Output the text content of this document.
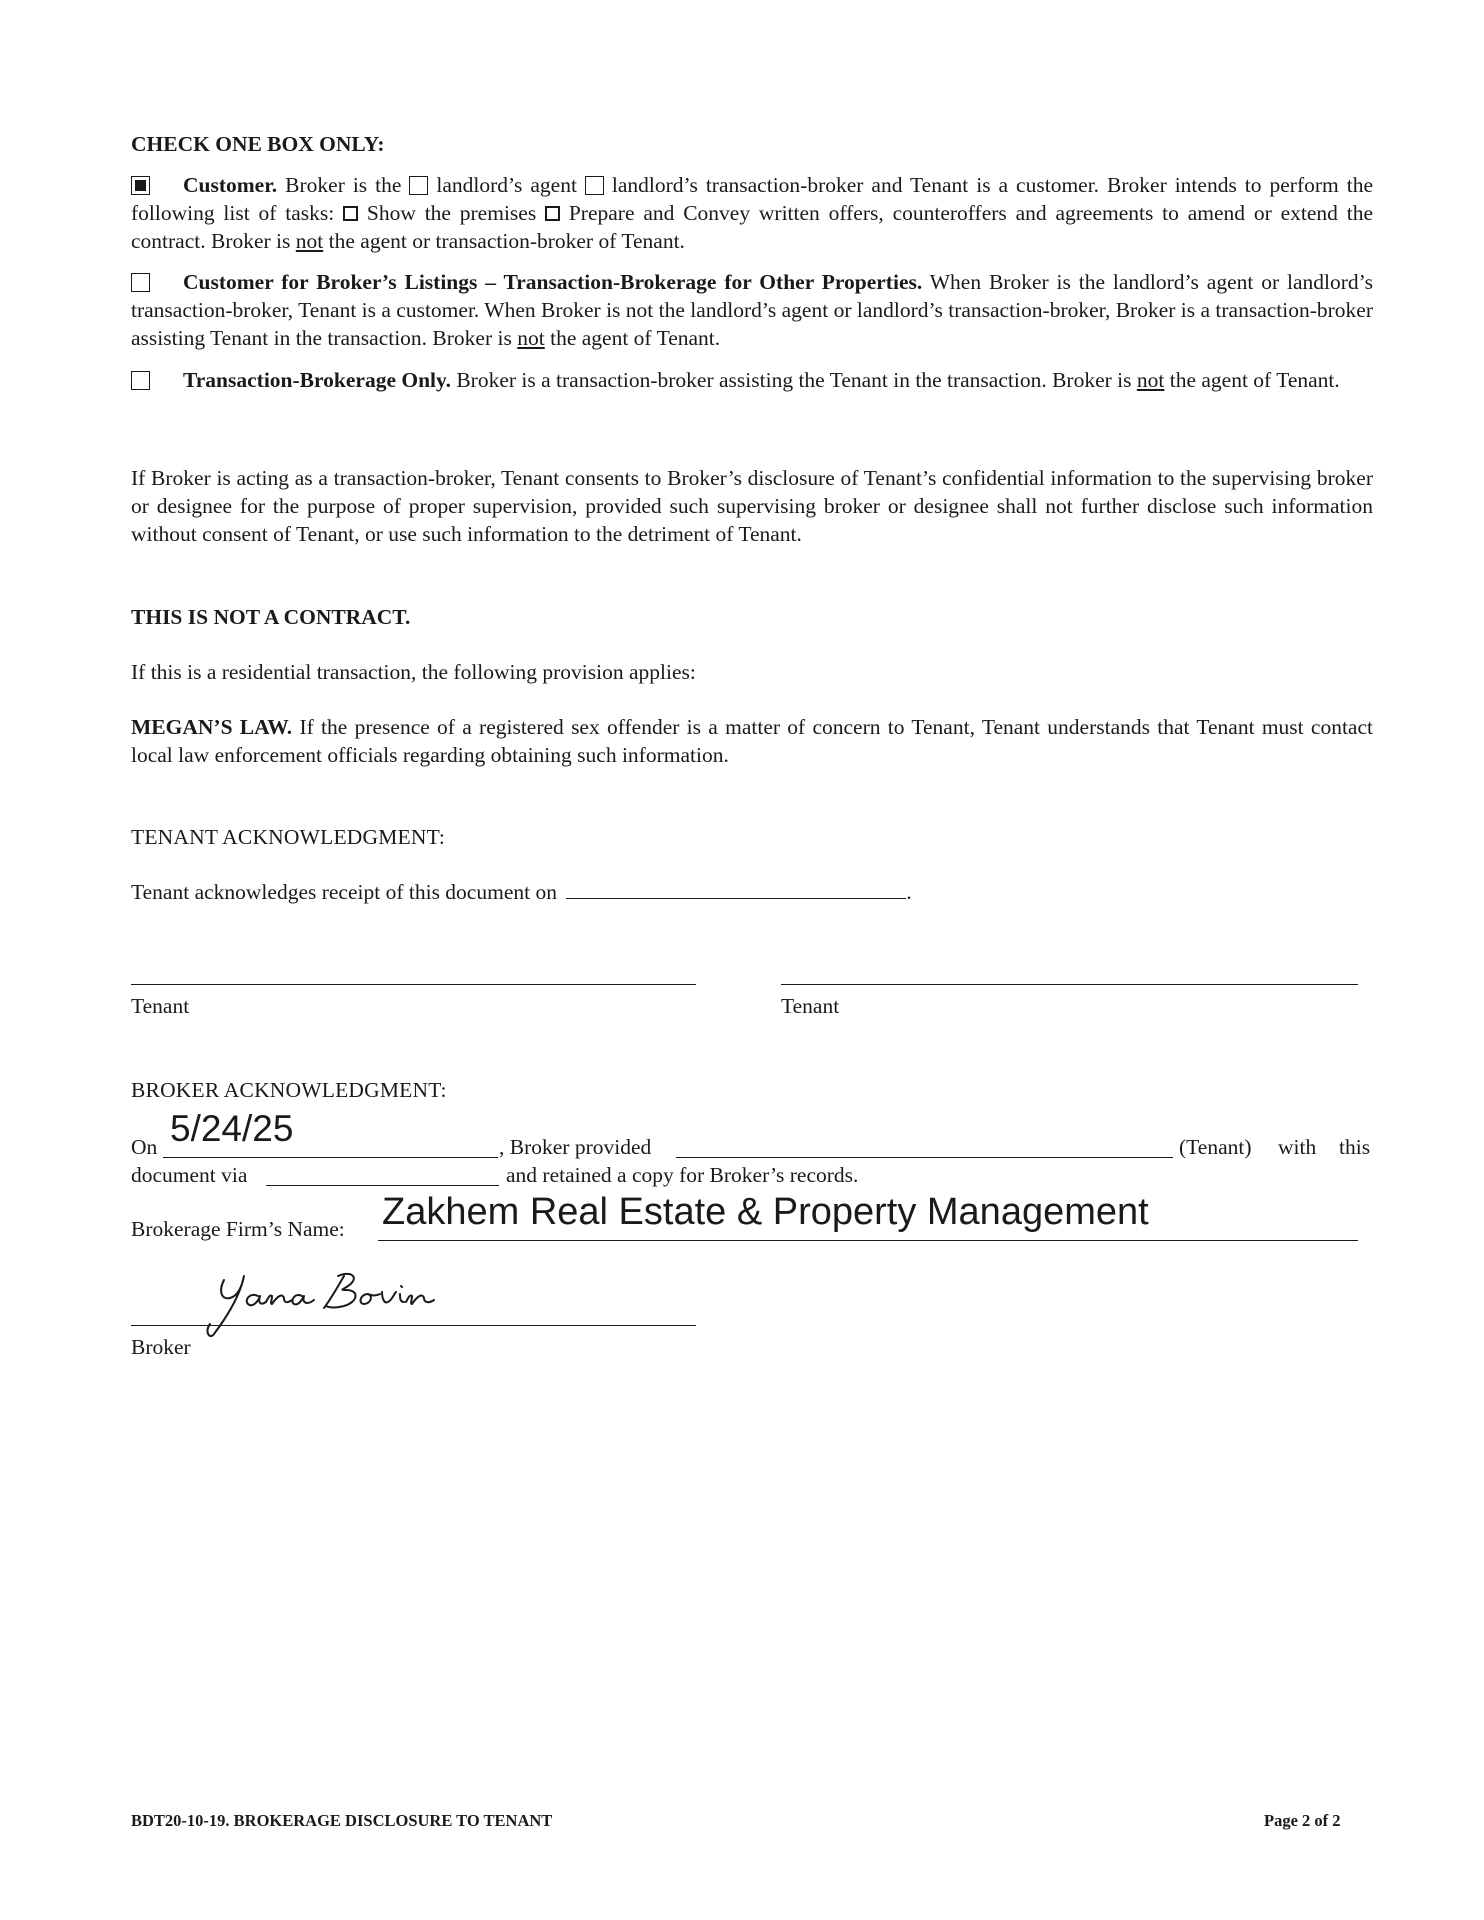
CHECK ONE BOX ONLY:
Customer. Broker is the  landlord’s agent  landlord’s transaction-broker and Tenant is a customer. Broker intends to perform the following list of tasks:  Show the premises  Prepare and Convey written offers, counteroffers and agreements to amend or extend the contract. Broker is not the agent or transaction-broker of Tenant.
Customer for Broker’s Listings – Transaction-Brokerage for Other Properties. When Broker is the landlord’s agent or landlord’s transaction-broker, Tenant is a customer. When Broker is not the landlord’s agent or landlord’s transaction-broker, Broker is a transaction-broker assisting Tenant in the transaction. Broker is not the agent of Tenant.
Transaction-Brokerage Only. Broker is a transaction-broker assisting the Tenant in the transaction. Broker is not the agent of Tenant.
If Broker is acting as a transaction-broker, Tenant consents to Broker’s disclosure of Tenant’s confidential information to the supervising broker or designee for the purpose of proper supervision, provided such supervising broker or designee shall not further disclose such information without consent of Tenant, or use such information to the detriment of Tenant.
THIS IS NOT A CONTRACT.
If this is a residential transaction, the following provision applies:
MEGAN’S LAW. If the presence of a registered sex offender is a matter of concern to Tenant, Tenant understands that Tenant must contact local law enforcement officials regarding obtaining such information.
TENANT ACKNOWLEDGMENT:
Tenant acknowledges receipt of this document on	.
Tenant	Tenant
BROKER ACKNOWLEDGMENT:
On 5/24/25	, Broker provided	(Tenant) with this
document via	and retained a copy for Broker’s records.
Brokerage Firm’s Name: Zakhem Real Estate & Property Management
Yana Bovin
Broker
BDT20-10-19. BROKERAGE DISCLOSURE TO TENANT	Page 2 of 2
